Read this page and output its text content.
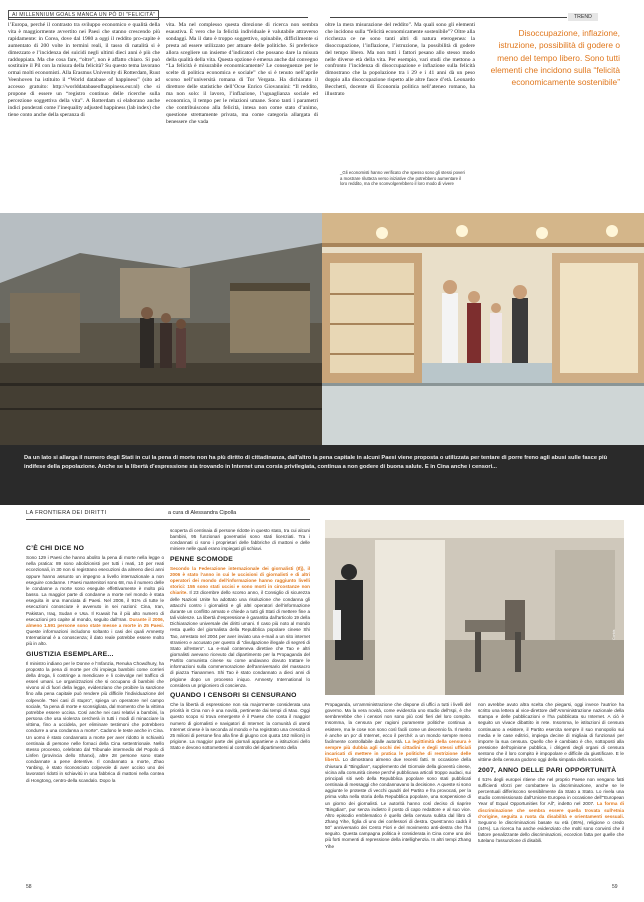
AI MILLENNIUM GOALS MANCA UN PÒ DI "FELICITÀ"	TREND
l’Europa, perché il contrasto tra sviluppo economico e qualità della vita è maggiormente avvertito nei Paesi che stanno crescendo più rapidamente: in Corea, dove dal 1980 a oggi il reddito pro-capite è aumentato di 200 volte in termini reali, il tasso di natalità si è dimezzato e l’incidenza dei suicidi negli ultimi dieci anni è più che raddoppiata. Ma che cosa fare, “oltre”, non è affatto chiaro. Si può sostituire il Pil con la misura della felicità? Su questo tema lavorano ormai molti economisti. Alla Erasmus University di Rotterdam, Ruut Veenhoven ha istituito il “World database of happiness” (sito ad accesso gratuito: http://worlddatabaseofhappiness.eur.nl) che si propone di essere un “registro continuo delle ricerche sulla percezione soggettiva della vita”. A Rotterdam si elaborano anche indici ponderati come l’inequality adjusted happiness (lab index) che tiene conto anche della speranza di
vita. Ma nel complesso questa direzione di ricerca non sembra esaustiva. È vero che la felicità individuale è valutabile attraverso sondaggi. Ma il dato è troppo soggettivo, opinabile, difficilmente si presta ad essere utilizzato per attuare delle politiche. Si preferisce allora scegliere un insieme d’indicatori che possano dare la misura della qualità della vita. Questa opzione è emersa anche dal convegno “La felicità è misurabile economicamente? Le conseguenze per le scelte di politica economica e sociale” che si è tenuto nell’aprile scorso nell’università romana di Tor Vergata. Ha dichiarato il direttore delle statistiche dell’Ocse Enrico Giovannini: “Il reddito, ma non solo: il lavoro, l’inflazione, l’uguaglianza sociale ed economica, il tempo per le relazioni umane. Sono tanti i parametri che contribuiscono alla felicità, intesa non come stato d’animo, questione strettamente privata, ma come categoria allargata di benessere che vada
oltre la mera misurazione del reddito”. Ma quali sono gli elementi che incidono sulla “felicità economicamente sostenibile”? Oltre alla ricchezza ce ne sono tanti altri di natura eterogenea: la disoccupazione, l’inflazione, l’istruzione, la possibilità di godere del tempo libero. Ma non tutti i fattori pesano allo stesso modo nelle diverse età della vita. Per esempio, vari studi che mettono a confronto l’incidenza di disoccupazione e inflazione sulla felicità dimostrano che la popolazione tra i 29 e i 41 anni dà un peso doppio alla disoccupazione rispetto alle altre fasce d’età. Leonardo Becchetti, docente di Economia politica nell’ateneo romano, ha illustrato
_Gli economisti hanno verificato che spesso sono gli stessi poveri a mostrare rilutteza verso iniziative che potrebbero aumentare il loro reddito, ma che sconvolgerebbero il loro modo di vivere
Disoccupazione, inflazione, istruzione, possibilità di godere o meno del tempo libero. Sono tutti elementi che incidono sulla “felicità economicamente sostenibile”
Da un lato si allarga il numero degli Stati in cui la pena di morte non ha più diritto di cittadinanza, dall’altro la pena capitale in alcuni Paesi viene proposta o utilizzata per tentare di porre freno agli abusi sulle fasce più indifese della popolazione. Anche se la libertà d’espressione sta trovando in Internet una corsia privilegiata, continua a non godere di buona salute. E in Cina anche i censori...
LA FRONTIERA DEI DIRITTI	a cura di Alessandra Cipolla
C’È CHI DICE NO
Sono 129 i Paesi che hanno abolito la pena di morte nella legge o nella pratica: 89 sono abolizionisti per tutti i reati, 10 per reati eccezionali, in 30 non si registrano esecuzioni da almeno dieci anni oppure hanno assunto un impegno a livello internazionale a non eseguire condanne. I Paesi mantenitori sono 68, ma il numero delle le condanne a morte sono eseguite effettivamente è molto più basso. La maggior parte di condanne a morte nel mondo è stata eseguita in una manciata di Paesi. Nel 2006, il 91% di tutte le esecuzioni conosciute è avvenuto in sei nazioni: Cina, Iran, Pakistan, Iraq, Sudan e Usa. Il Kuwait ha il più alto numero di esecuzioni pro capite al mondo, seguito dall’Iran. Durante il 2006, almeno 1.591 persone sono state messe a morte in 25 Paesi. Queste informazioni includono soltanto i casi dei quali Amnesty International è a conoscenza; il dato reale potrebbe essere molto più in alto.
GIUSTIZIA ESEMPLARE...
Il ministro indiano per le Donne e l’Infanzia, Renuka Chowdhury, ha proposto la pena di morte per chi impiega bambini come corrieri della droga, li costringe a mendicare e li coinvolge nel traffico di esseri umani. Le organizzazioni che si occupano di bambini che vivono al di fuori della legge, evidenziano che proibire la sanzione fino alla pena capitale può rendere più difficile l’individuazione del colpevole. “Nei casi di stupro”, spiega un operatore nel campo sociale, “la pena di morte e sconsigliata, dal momento che la vittima potrebbe essere uccisa. Così anche nei casi relativi a bambini, la persona che usa violenza cercherà in tutti i modi di minacciare la vittima, fino a uccidela, per eliminare testimoni che potrebbero condurre a una condanna a morte”. Cadono le teste anche in Cina. Un uomo è stato condannato a morte per aver ridotto in schiavitù centinaia di persone nelle fornaci della Cina settentrionale. Nello stesso processo, celebrato dal Tribunale intermedio del Popolo di Linfen (provincia dello Shanxi), altre 28 persone sono state condannate a pene detentive. Il condannato a morte, Zhao Yanbing, è stato riconosciuto colpevole di aver ucciso uno dei lavoratori ridotti in schiavitù in una fabbrica di mattoni nella contea di Hongtong, centro-della scandalo. Dopo la
scoperta di centinaia di persone ridotte in questo stato, tra cui alcuni bambini, 95 funzionari governativi sono stati licenziati. Tra i condannati ci sono i proprietari delle fabbriche di mattoni e delle miniere nelle quali erano impiegati gli schiavi.
PENNE SCOMODE
Secondo la Federazione internazionale dei giornalisti (Ifj), il 2006 è stato l’anno in cui le uccisioni di giornalisti e di altri operatori dei mondo dell’informazione hanno raggiunto livelli storici: 155 sono stati uccisi e sono morti in circostanze non chiarite. Il 23 dicembre dello scorso anno, il Consiglio di sicurezza delle Nazioni Unite ha adottato una risoluzione che condanna gli attacchi contro i giornalisti e gli altri operatori dell’informazione durante un conflitto armato e chiede a tutti gli Stati di mettere fine a tali violenze. La libertà d’espressione è garantita dall’articolo 19 della Dichiarazione universale dei diritti umani. Il caso più noto al mondo resta quello del giornalista della Repubblica popolare cinese Shi Tao, arrestato nel 2004 per aver inviato una e-mail a un sito internet straniero e accusato per questo di “divulgazione illegale di segreti di Stato all’estero”. La e-mail conteneva direttive che Tao e altri giornalisti avevano ricevuto dal dipartimento per la Propaganda del Partito comunista cinese su come andavano dovuto trattare le informazioni sulla commemorazione dell’anniversario del massacro di piazza Tiananmen. Shi Tao è stato condannato a dieci anni di prigione dopo un processo iniquo. Amnesty International lo considera un prigioniero di coscienza.
QUANDO I CENSORI SI CENSURANO
Che la libertà di espressione non sia majormente considerata una priorità in Cina non è una novità, pertinente dai tempi di Mao. Oggi questo scopo si trova emergente è il Paese che conta il maggior numero di giornalisti e navigatori di Internet: la comunità di utenti Internet cinese è la seconda al mondo e ha registrato una crescita di 25 milioni di persone fino alla fine di giugno con quota 162 milioni) in prigione. La maggior parte dei giornali appartiene a istituzioni dello Stato e devono sottomettersi al controllo del dipartimento della
Corbis
Propaganda, un’amministrazione che dispone di uffici a tutti i livelli del governo. Ma la vera novità, come evidenzia uno studio dell’Ispi, è che sembrerebbe che i censori non sono più così fieri del loro compito. Insomma, la censura per ragioni puramente politiche continua a esistere, ma le cose non sono così facili come un decennio fa. Il merito è anche un po’ di Internet, ecco il perché: a un mondo sempre meno facilmente controllabile dalle autorità. La legittimità della censura è sempre più dubbia agli occhi dei cittadini e degli stessi ufficiali incaricati di mettere in pratica le politiche di restrizione delle libertà. Lo dimostrano almeno due recenti fatti. In occasione della chiusura di “Bingdian”, supplemento del Giornale della gioventù cinese, vicina alla comunità cinese perché pubblicava articoli troppo audaci, sui principali siti web della Repubblica popolare sono stati pubblicati centinaia di messaggi che condannavano la decisione. A queste si sono aggiunte le proteste di vecchi quadri del Partito e fra provocati, per la prima volta nella storia della Repubblica popolare, una sospensione di un giorno dei giornalisti. Le autorità hanno così deciso di riaprire “Bingdian”, pur senza indietro il posto di capo redattore e al suo vice. Altro episodio emblematico è quello della censura subita dal libro di Zhang Yihe, figlia di uno dei confessori di destra. Quest’anno cadrà il 50° anniversario dei Cento Fiori e del movimento anti-destra che l’ha seguito. Questa campagna politica è considerata in Cina come uno dei più forti momenti di repressione della intellighenzia. In altri tempi Zhang Yihe
non avrebbe avuto altra scelta che piegarsi, oggi invece l’autrice ha scritto una lettera al vice-direttore dell’Amministrazione nazionale della stampa e delle pubblicazioni e l’ha pubblicata su Internet. A ciò è seguito un vivace dibattito in rete. Insomma, le istituzioni di censura continuano a esistere, il Partito esercita sempre il suo monopolio sui media e le case editrici, impiega decine di migliaia di funzionari per imporre la sua censura. Quello che è cambiato è che, sottoposti alla pressione dell’opinione pubblica, i dirigenti degli organi di censura sentono che il loro compito è impopolare e difficile da giustificare. E le vittime della censura godono oggi della simpatia della società.
2007, ANNO DELLE PARI OPPORTUNITÀ
Il 51% degli europei ritiene che nel proprio Paese non vengano fatti sufficienti sforzi per combattere la discriminazione, anche se le percentuali differiscono sensibilmente da Stato a Stato. Lo rivela una studio commissionato dall’Unione Europea in occasione dell’“European Year of Equal Opportunities for All”, indetto nel 2007. La forma di discriminazione che sembra essere quella trovata sull’etnia d’origine, seguita a ruota da disabilità e orientamenti sessuali. Seguono le discriminazioni basate su età (46%), religione o credo (44%). La ricerca ha anche evidenziato che molti sono convinti che il fattore penalizzante dello discriminazioni, eccezion fatta per quelle che tutelano l’assunzione di disabili.
58	59
